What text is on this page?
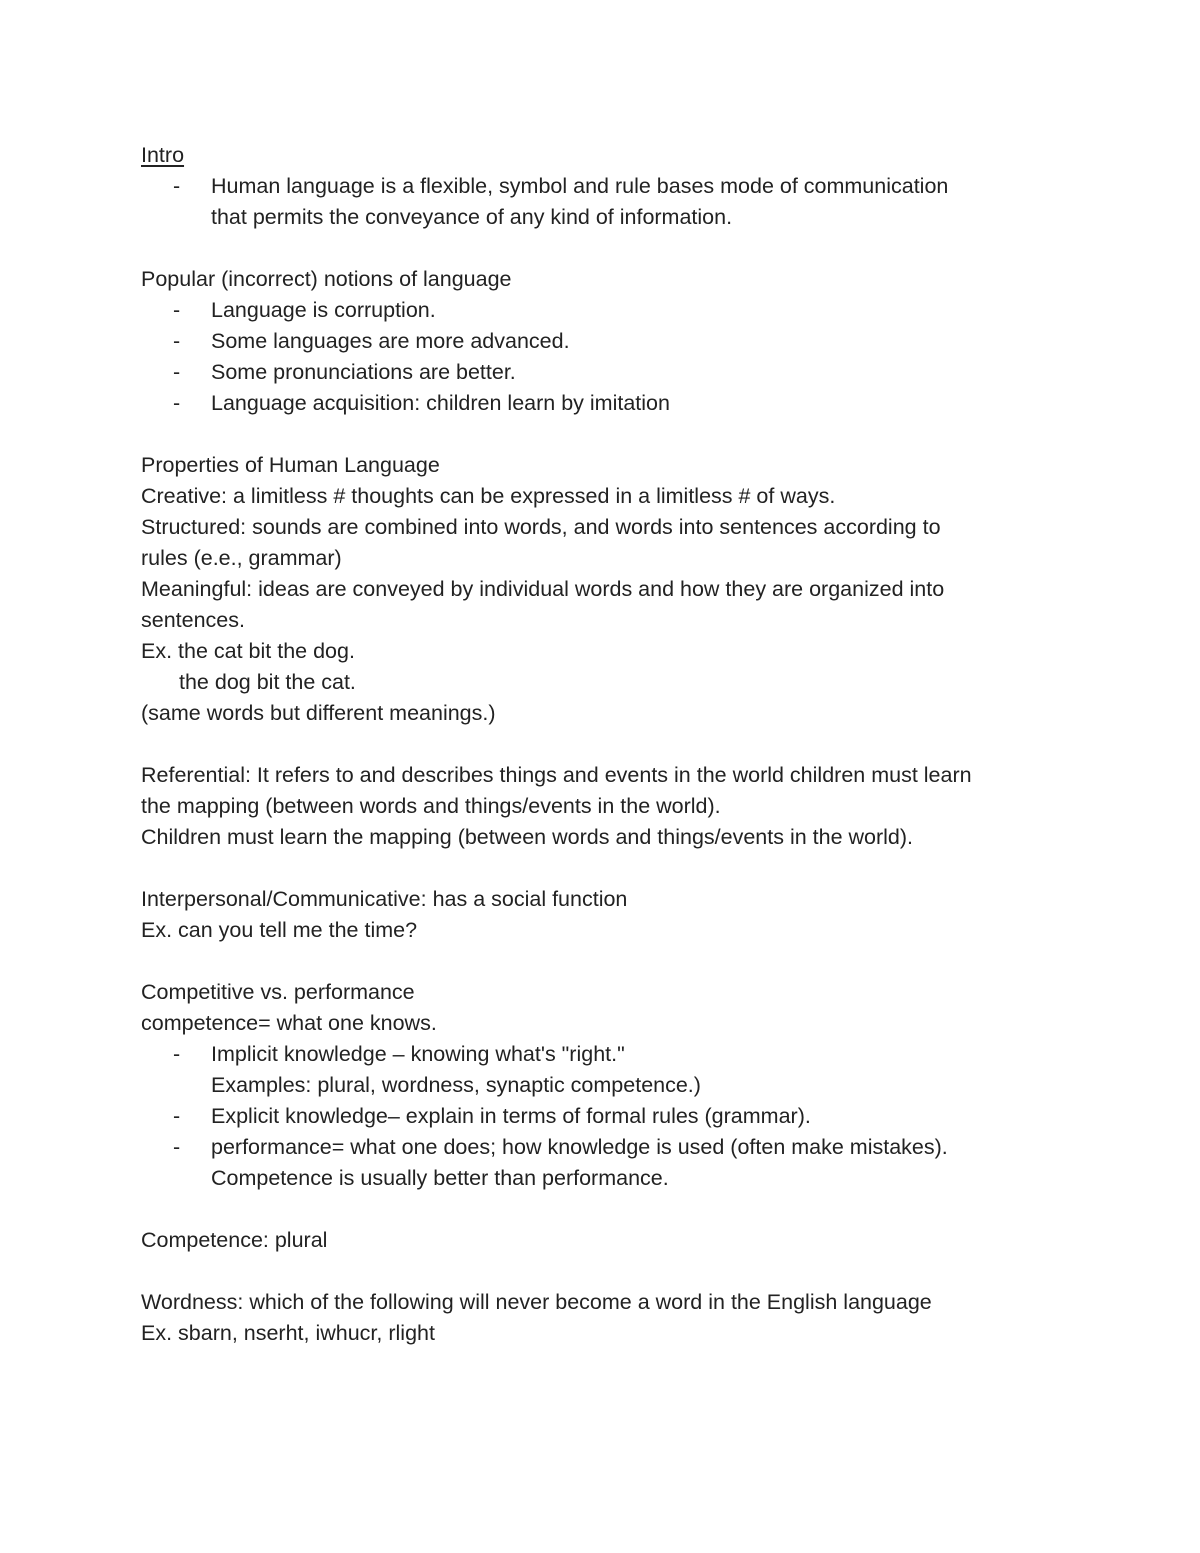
Intro

- Human language is a flexible, symbol and rule bases mode of communication

that permits the conveyance of any kind of information.

Popular (incorrect) notions of language

- Language is corruption.

- Some languages are more advanced.

- Some pronunciations are better.

- Language acquisition: children learn by imitation

Properties of Human Language

Creative: a limitless # thoughts can be expressed in a limitless # of ways.

Structured: sounds are combined into words, and words into sentences according to

rules (e.e., grammar)

Meaningful: ideas are conveyed by individual words and how they are organized into

sentences.

Ex. the cat bit the dog.

the dog bit the cat.

(same words but different meanings.)

Referential: It refers to and describes things and events in the world children must learn

the mapping (between words and things/events in the world).

Children must learn the mapping (between words and things/events in the world).

Interpersonal/Communicative: has a social function

Ex. can you tell me the time?

Competitive vs. performance

competence= what one knows.

- Implicit knowledge – knowing what's "right."

Examples: plural, wordness, synaptic competence.)

- Explicit knowledge– explain in terms of formal rules (grammar).

- performance= what one does; how knowledge is used (often make mistakes).

Competence is usually better than performance.

Competence: plural

Wordness: which of the following will never become a word in the English language

Ex. sbarn, nserht, iwhucr, rlight
